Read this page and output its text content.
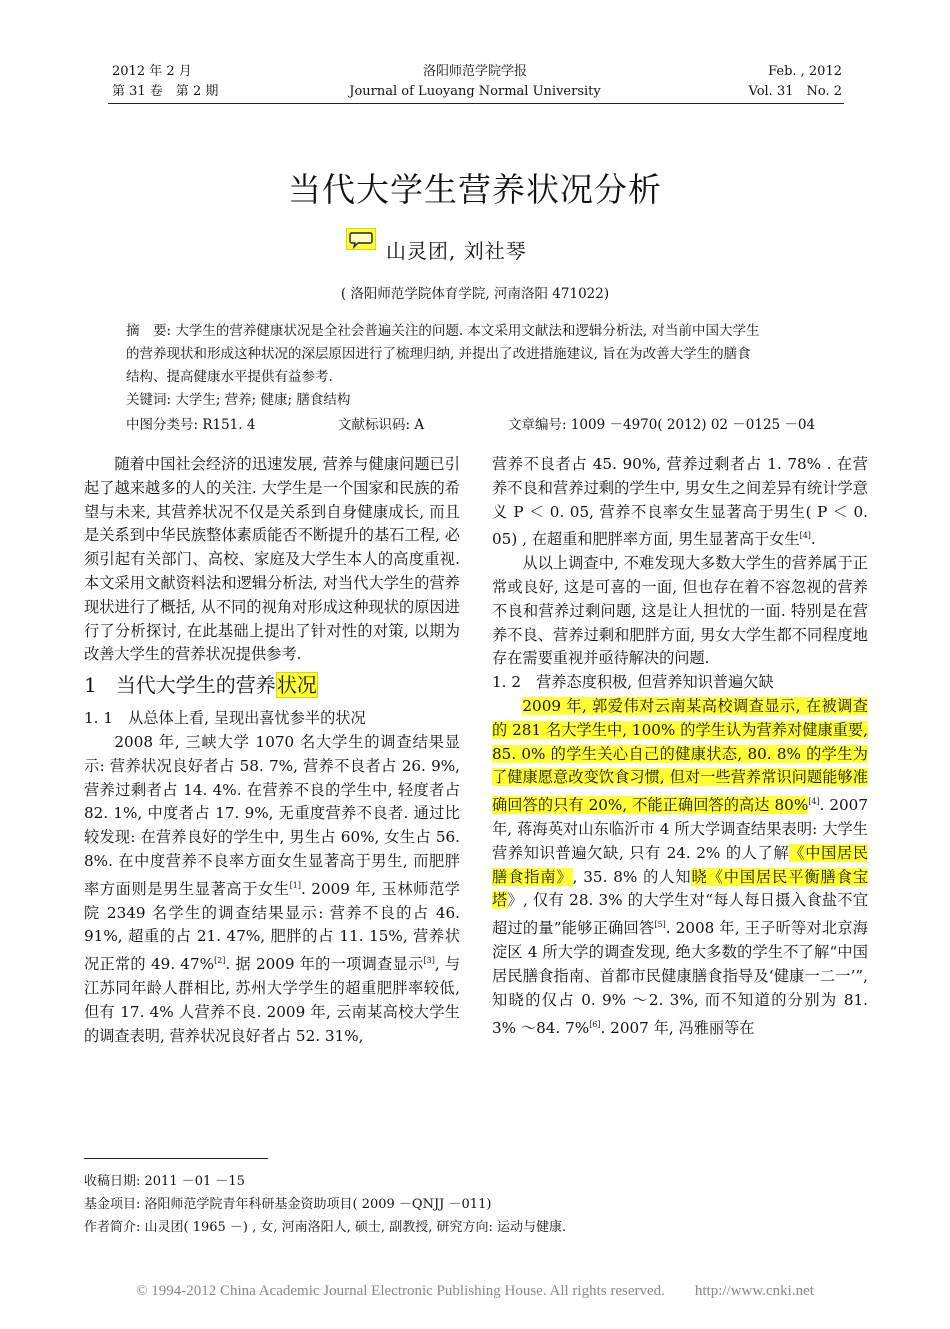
2012 年 2 月
第 31 卷　第 2 期
洛阳师范学院学报
Journal of Luoyang Normal University
Feb. , 2012
Vol. 31　No. 2
当代大学生营养状况分析
山灵团, 刘社琴
( 洛阳师范学院体育学院, 河南洛阳 471022)
摘　要: 大学生的营养健康状况是全社会普遍关注的问题. 本文采用文献法和逻辑分析法, 对当前中国大学生
的营养现状和形成这种状况的深层原因进行了梳理归纳, 并提出了改进措施建议, 旨在为改善大学生的膳食
结构、提高健康水平提供有益参考.
关键词: 大学生; 营养; 健康; 膳食结构
中图分类号: R151. 4	文献标识码: A	文章编号: 1009 －4970( 2012) 02 －0125 －04

随着中国社会经济的迅速发展, 营养与健康问题已引起了越来越多的人的关注. 大学生是一个国家和民族的希望与未来, 其营养状况不仅是关系到自身健康成长, 而且是关系到中华民族整体素质能否不断提升的基石工程, 必须引起有关部门、高校、家庭及大学生本人的高度重视. 本文采用文献资料法和逻辑分析法, 对当代大学生的营养现状进行了概括, 从不同的视角对形成这种现状的原因进行了分析探讨, 在此基础上提出了针对性的对策, 以期为改善大学生的营养状况提供参考.

1 当代大学生的营养状况

1. 1　从总体上看, 呈现出喜忧参半的状况

2008 年, 三峡大学 1070 名大学生的调查结果显示: 营养状况良好者占 58. 7%, 营养不良者占 26. 9%, 营养过剩者占 14. 4%. 在营养不良的学生中, 轻度者占 82. 1%, 中度者占 17. 9%, 无重度营养不良者. 通过比较发现: 在营养良好的学生中, 男生占 60%, 女生占 56. 8%. 在中度营养不良率方面女生显著高于男生, 而肥胖率方面则是男生显著高于女生[1]. 2009 年, 玉林师范学院 2349 名学生的调查结果显示: 营养不良的占 46. 91%, 超重的占 21. 47%, 肥胖的占 11. 15%, 营养状况正常的 49. 47%[2]. 据 2009 年的一项调查显示[3], 与江苏同年龄人群相比, 苏州大学学生的超重肥胖率较低, 但有 17. 4% 人营养不良. 2009 年, 云南某高校大学生的调查表明, 营养状况良好者占 52. 31%,

营养不良者占 45. 90%, 营养过剩者占 1. 78% . 在营养不良和营养过剩的学生中, 男女生之间差异有统计学意义 P ＜ 0. 05, 营养不良率女生显著高于男生( P ＜ 0. 05) , 在超重和肥胖率方面, 男生显著高于女生[4].

从以上调查中, 不难发现大多数大学生的营养属于正常或良好, 这是可喜的一面, 但也存在着不容忽视的营养不良和营养过剩问题, 这是让人担忧的一面. 特别是在营养不良、营养过剩和肥胖方面, 男女大学生都不同程度地存在需要重视并亟待解决的问题.

1. 2　营养态度积极, 但营养知识普遍欠缺

2009 年, 郭爱伟对云南某高校调查显示, 在被调查的 281 名大学生中, 100% 的学生认为营养对健康重要, 85. 0% 的学生关心自己的健康状态, 80. 8% 的学生为了健康愿意改变饮食习惯, 但对一些营养常识问题能够准确回答的只有 20%, 不能正确回答的高达 80%[4]. 2007 年, 蒋海英对山东临沂市 4 所大学调查结果表明: 大学生营养知识普遍欠缺, 只有 24. 2% 的人了解《中国居民膳食指南》, 35. 8% 的人知晓《中国居民平衡膳食宝塔》, 仅有 28. 3% 的大学生对“每人每日摄入食盐不宜超过的量”能够正确回答[5]. 2008 年, 王子昕等对北京海淀区 4 所大学的调查发现, 绝大多数的学生不了解“中国居民膳食指南、首都市民健康膳食指导及‘健康一二一’”, 知晓的仅占 0. 9% ～2. 3%, 而不知道的分别为 81. 3% ～84. 7%[6]. 2007 年, 冯雅丽等在

收稿日期: 2011 －01 －15
基金项目: 洛阳师范学院青年科研基金资助项目( 2009 －QNJJ －011)
作者简介: 山灵团( 1965 －) , 女, 河南洛阳人, 硕士, 副教授, 研究方向: 运动与健康.
© 1994-2012 China Academic Journal Electronic Publishing House. All rights reserved.　　http://www.cnki.net
